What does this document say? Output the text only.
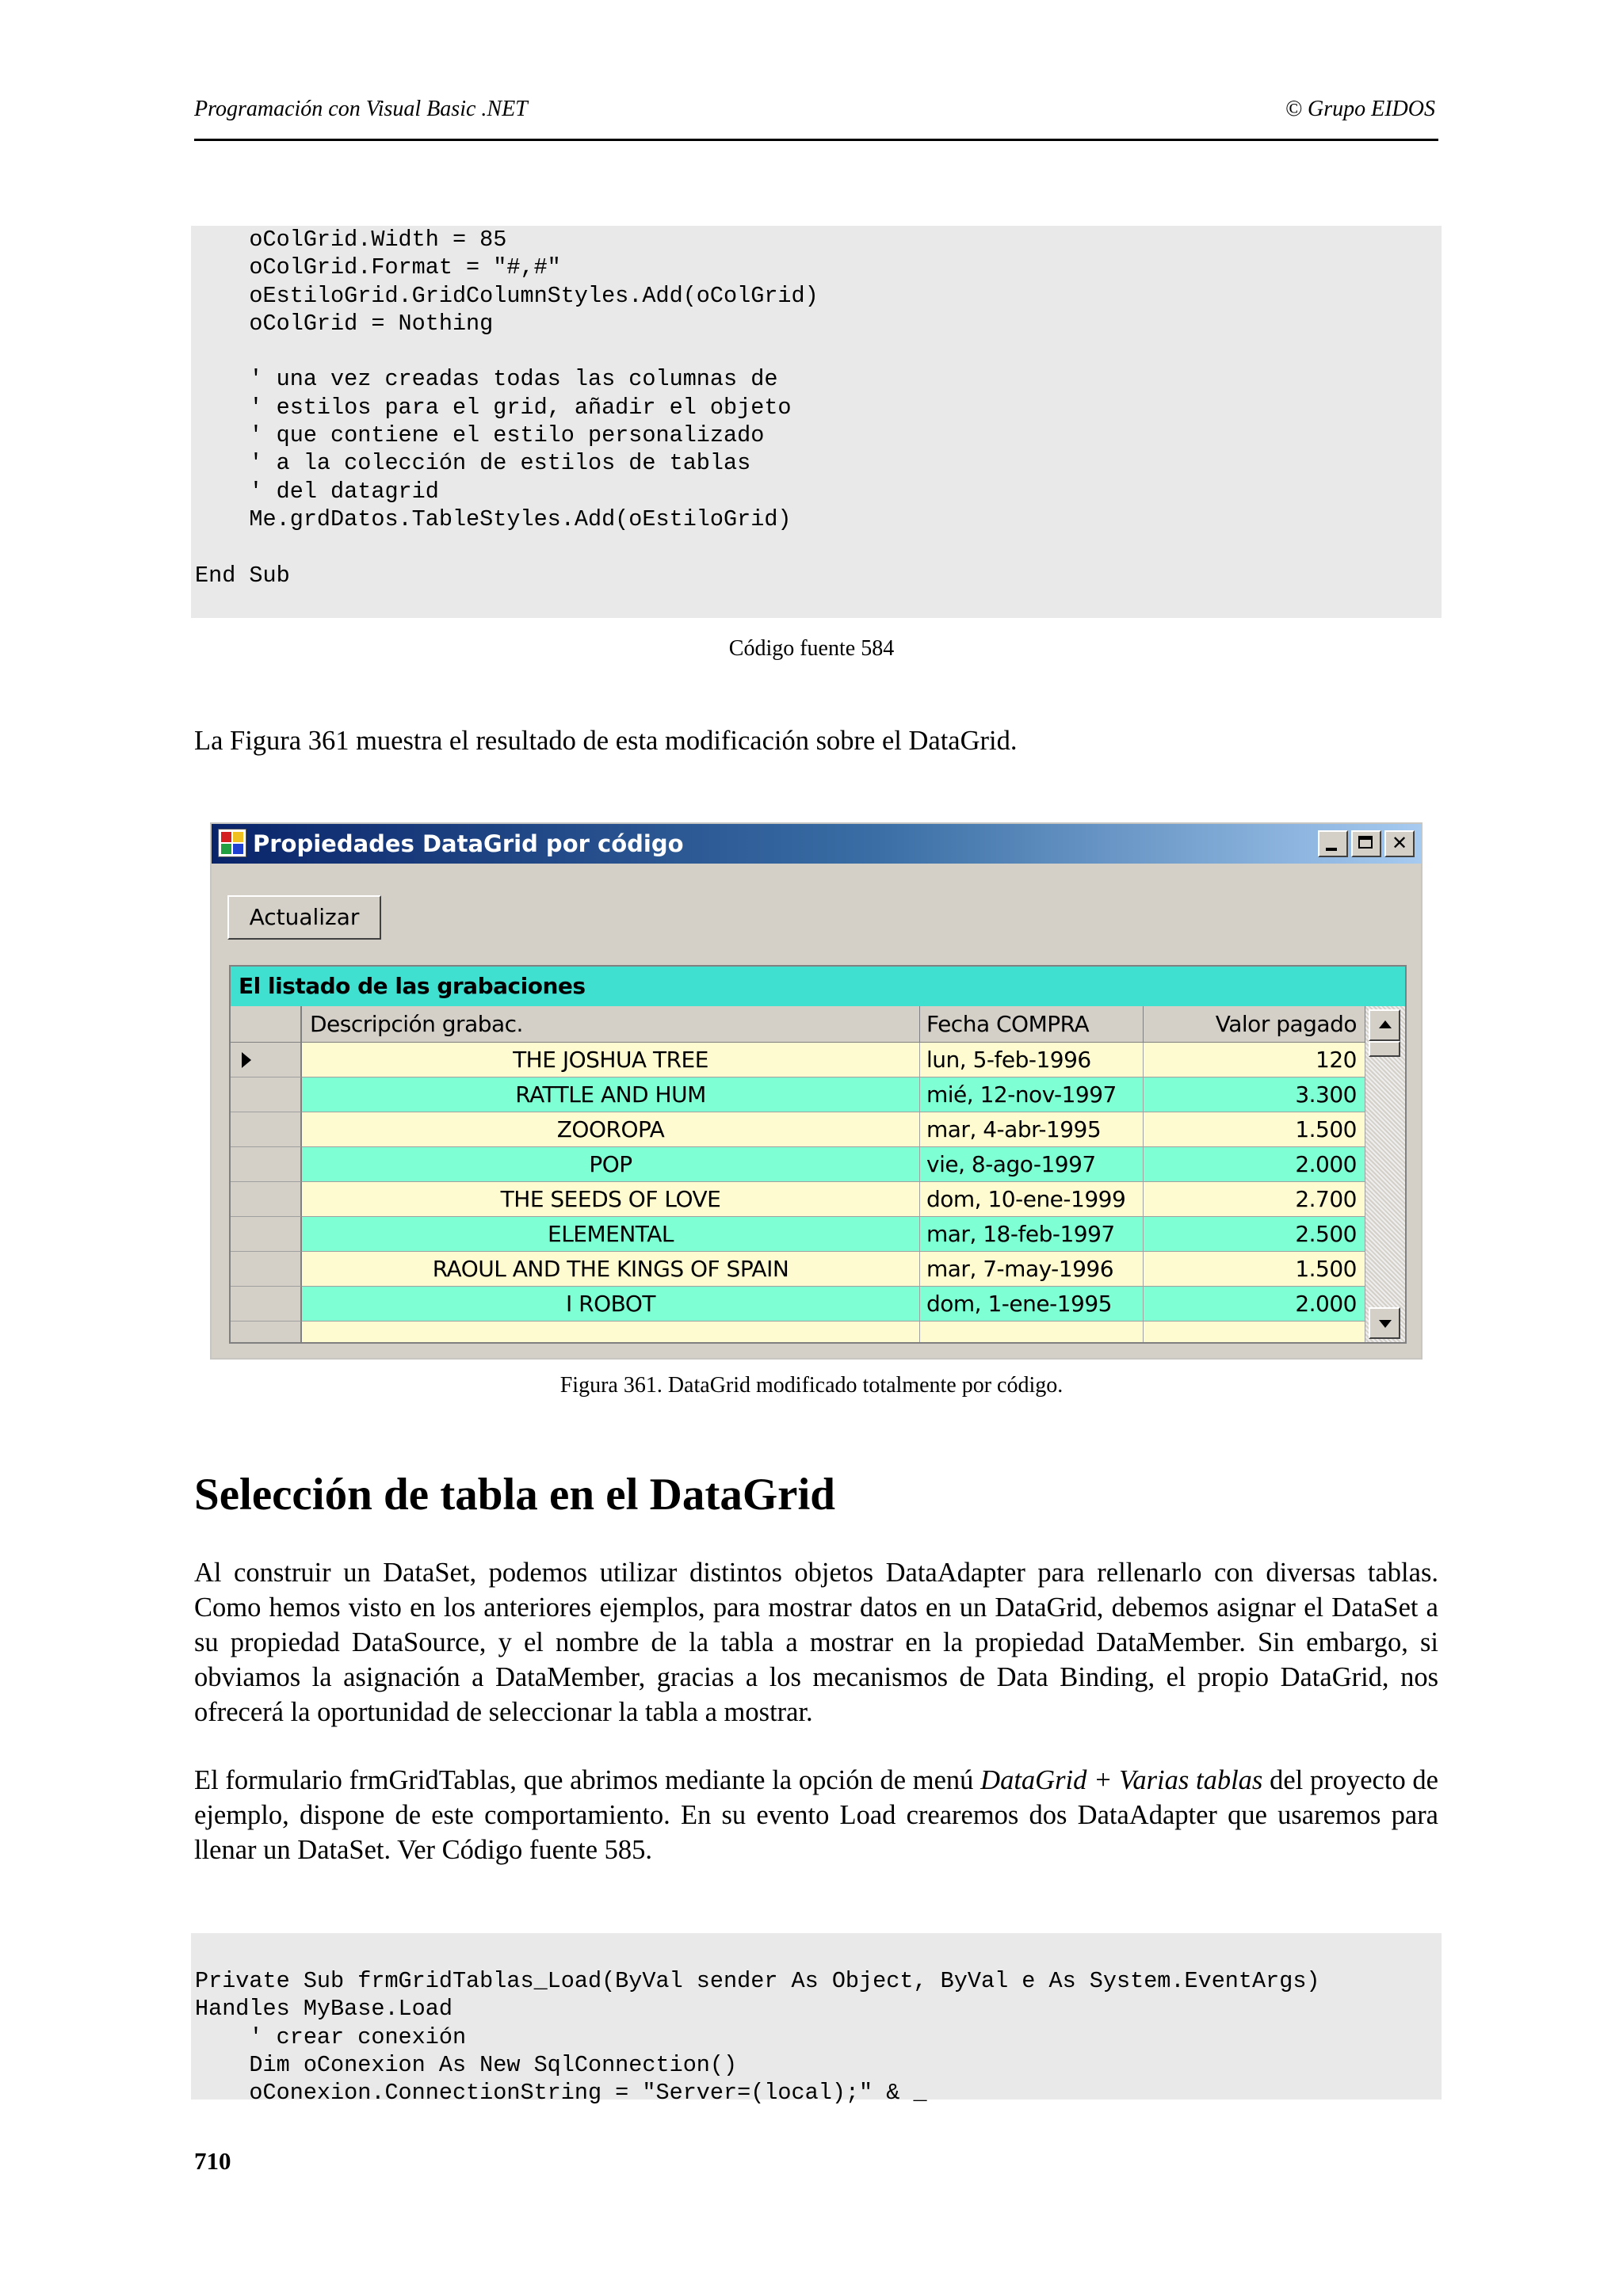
Programación con Visual Basic .NET	© Grupo EIDOS
oColGrid.Width = 85
oColGrid.Format = "#,#"
oEstiloGrid.GridColumnStyles.Add(oColGrid)
oColGrid = Nothing

' una vez creadas todas las columnas de
' estilos para el grid, añadir el objeto
' que contiene el estilo personalizado
' a la colección de estilos de tablas
' del datagrid
Me.grdDatos.TableStyles.Add(oEstiloGrid)

End Sub
Código fuente 584

La Figura 361 muestra el resultado de esta modificación sobre el DataGrid.

Propiedades DataGrid por código	✕
Actualizar
El listado de las grabaciones
Descripción grabac.	Fecha COMPRA	Valor pagado
THE JOSHUA TREE	lun, 5-feb-1996	120
RATTLE AND HUM	mié, 12-nov-1997	3.300
ZOOROPA	mar, 4-abr-1995	1.500
POP	vie, 8-ago-1997	2.000
THE SEEDS OF LOVE	dom, 10-ene-1999	2.700
ELEMENTAL	mar, 18-feb-1997	2.500
RAOUL AND THE KINGS OF SPAIN	mar, 7-may-1996	1.500
I ROBOT	dom, 1-ene-1995	2.000
Figura 361. DataGrid modificado totalmente por código.
Selección de tabla en el DataGrid

Al construir un DataSet, podemos utilizar distintos objetos DataAdapter para rellenarlo con diversas tablas. Como hemos visto en los anteriores ejemplos, para mostrar datos en un DataGrid, debemos asignar el DataSet a su propiedad DataSource, y el nombre de la tabla a mostrar en la propiedad DataMember. Sin embargo, si obviamos la asignación a DataMember, gracias a los mecanismos de Data Binding, el propio DataGrid, nos ofrecerá la oportunidad de seleccionar la tabla a mostrar.

El formulario frmGridTablas, que abrimos mediante la opción de menú DataGrid + Varias tablas del proyecto de ejemplo, dispone de este comportamiento. En su evento Load crearemos dos DataAdapter que usaremos para llenar un DataSet. Ver Código fuente 585.

Private Sub frmGridTablas_Load(ByVal sender As Object, ByVal e As System.EventArgs)
Handles MyBase.Load
' crear conexión
Dim oConexion As New SqlConnection()
oConexion.ConnectionString = "Server=(local);" & _
710
